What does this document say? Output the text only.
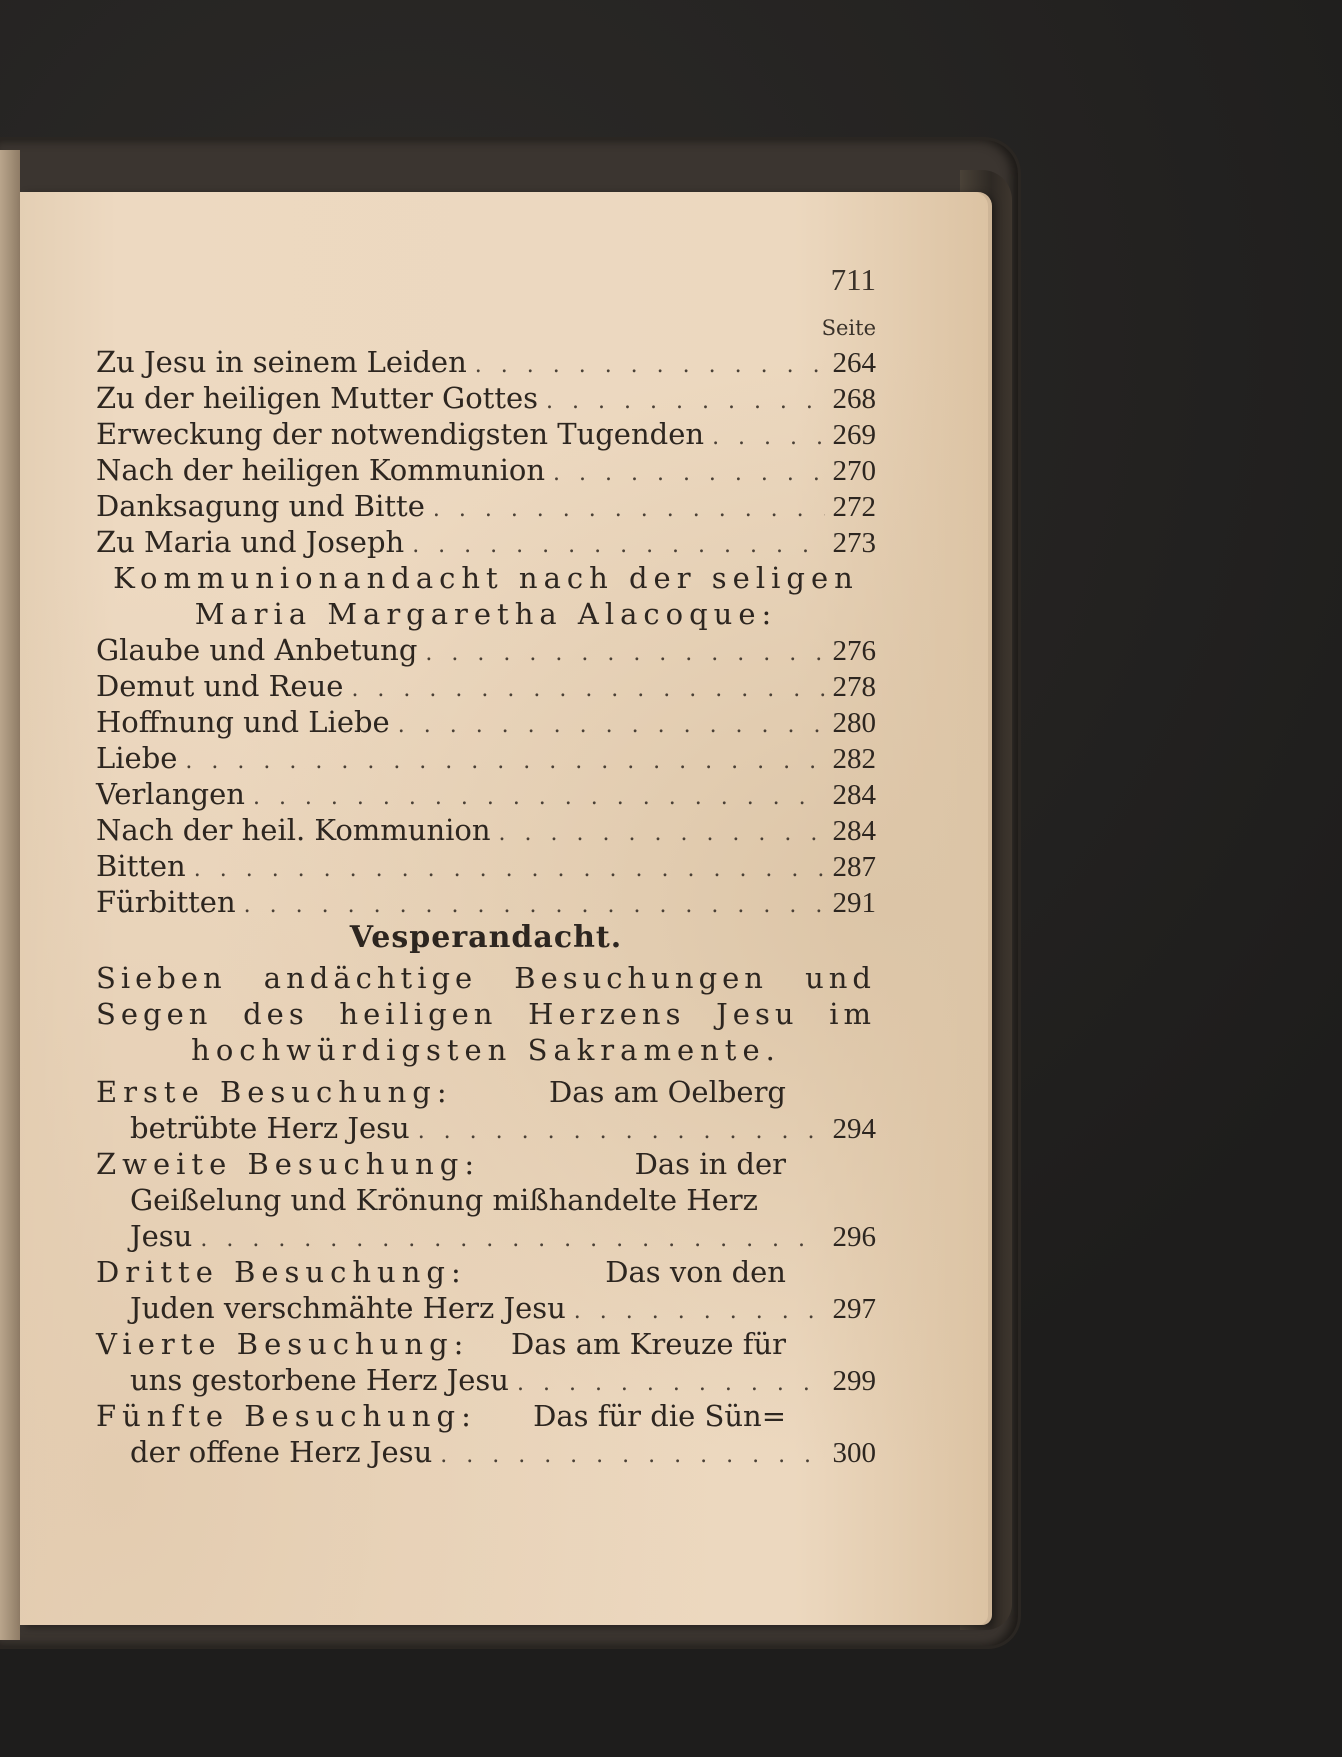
711
Seite
Zu Jesu in seinem Leiden . . .	264
Zu der heiligen Mutter Gottes . . .	268
Erweckung der notwendigsten Tugenden . . .	269
Nach der heiligen Kommunion . . .	270
Danksagung und Bitte . . .	272
Zu Maria und Joseph . . .	273
Kommunionandacht nach der seligen
Maria Margaretha Alacoque:
Glaube und Anbetung . . .	276
Demut und Reue . . .	278
Hoffnung und Liebe . . .	280
Liebe . . .	282
Verlangen . . .	284
Nach der heil. Kommunion . . .	284
Bitten . . .	287
Fürbitten . . .	291
Vesperandacht.
Sieben andächtige Besuchungen und
Segen des heiligen Herzens Jesu im
hochwürdigsten Sakramente.
Erste Besuchung:	Das am Oelberg
betrübte Herz Jesu . . .	294
Zweite Besuchung:	Das in der
Geißelung und Krönung mißhandelte Herz
Jesu . . .	296
Dritte Besuchung:	Das von den
Juden verschmähte Herz Jesu . . .	297
Vierte Besuchung: Das am Kreuze für
uns gestorbene Herz Jesu . . .	299
Fünfte Besuchung: Das für die Sün=
der offene Herz Jesu . . .	300
